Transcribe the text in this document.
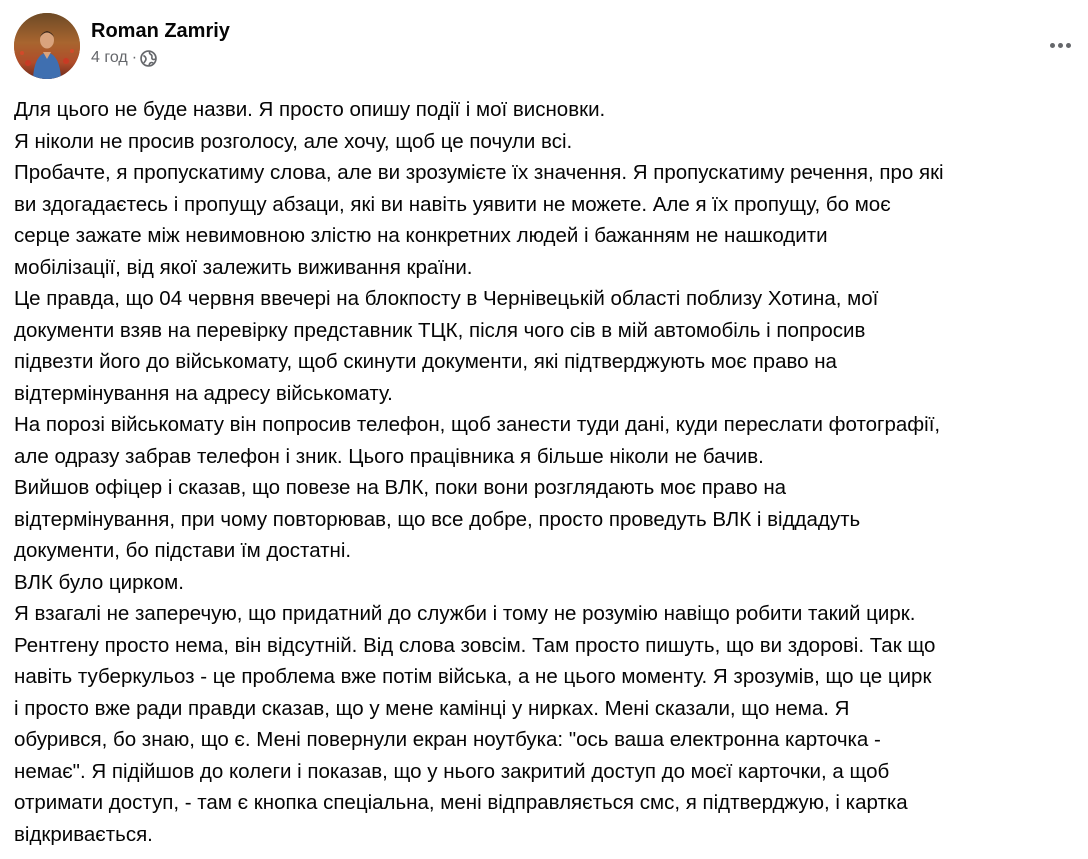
Roman Zamriy
4 год ·
Для цього не буде назви. Я просто опишу події і мої висновки.
Я ніколи не просив розголосу, але хочу, щоб це почули всі.
Пробачте, я пропускатиму слова, але ви зрозумієте їх значення. Я пропускатиму речення, про які
ви здогадаєтесь і пропущу абзаци, які ви навіть уявити не можете. Але я їх пропущу, бо моє
серце зажате між невимовною злістю на конкретних людей і бажанням не нашкодити
мобілізації, від якої залежить виживання країни.
Це правда, що 04 червня ввечері на блокпосту в Чернівецькій області поблизу Хотина, мої
документи взяв на перевірку представник ТЦК, після чого сів в мій автомобіль і попросив
підвезти його до військомату, щоб скинути документи, які підтверджують моє право на
відтермінування на адресу військомату.
На порозі військомату він попросив телефон, щоб занести туди дані, куди переслати фотографії,
але одразу забрав телефон і зник. Цього працівника я більше ніколи не бачив.
Вийшов офіцер і сказав, що повезе на ВЛК, поки вони розглядають моє право на
відтермінування, при чому повторював, що все добре, просто проведуть ВЛК і віддадуть
документи, бо підстави їм достатні.
ВЛК було цирком.
Я взагалі не заперечую, що придатний до служби і тому не розумію навіщо робити такий цирк.
Рентгену просто нема, він відсутній. Від слова зовсім. Там просто пишуть, що ви здорові. Так що
навіть туберкульоз - це проблема вже потім війська, а не цього моменту. Я зрозумів, що це цирк
і просто вже ради правди сказав, що у мене камінці у нирках. Мені сказали, що нема. Я
обурився, бо знаю, що є. Мені повернули екран ноутбука: "ось ваша електронна карточка -
немає". Я підійшов до колеги і показав, що у нього закритий доступ до моєї карточки, а щоб
отримати доступ, - там є кнопка спеціальна, мені відправляється смс, я підтверджую, і картка
відкривається.
